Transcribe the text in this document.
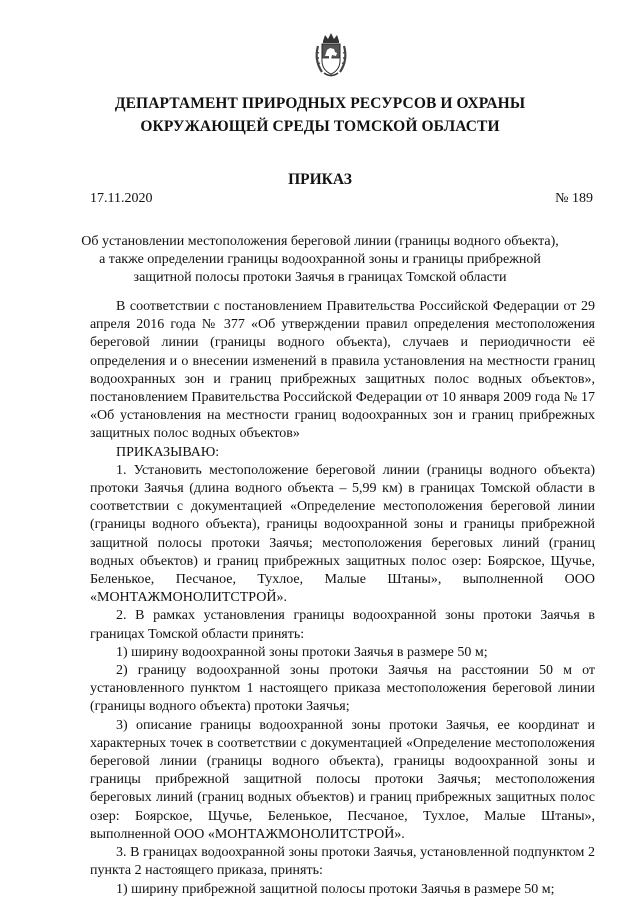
ДЕПАРТАМЕНТ ПРИРОДНЫХ РЕСУРСОВ И ОХРАНЫ
ОКРУЖАЮЩЕЙ СРЕДЫ ТОМСКОЙ ОБЛАСТИ
ПРИКАЗ
17.11.2020	№ 189
Об установлении местоположения береговой линии (границы водного объекта),
а также определении границы водоохранной зоны и границы прибрежной
защитной полосы протоки Заячья в границах Томской области

В соответствии с постановлением Правительства Российской Федерации от 29 апреля 2016 года № 377 «Об утверждении правил определения местоположения береговой линии (границы водного объекта), случаев и периодичности её определения и о внесении изменений в правила установления на местности границ водоохранных зон и границ прибрежных защитных полос водных объектов», постановлением Правительства Российской Федерации от 10 января 2009 года № 17 «Об установления на местности границ водоохранных зон и границ прибрежных защитных полос водных объектов»

ПРИКАЗЫВАЮ:

1. Установить местоположение береговой линии (границы водного объекта) протоки Заячья (длина водного объекта – 5,99 км) в границах Томской области в соответствии с документацией «Определение местоположения береговой линии (границы водного объекта), границы водоохранной зоны и границы прибрежной защитной полосы протоки Заячья; местоположения береговых линий (границ водных объектов) и границ прибрежных защитных полос озер: Боярское, Щучье, Беленькое, Песчаное, Тухлое, Малые Штаны», выполненной ООО «МОНТАЖМОНОЛИТСТРОЙ».

2. В рамках установления границы водоохранной зоны протоки Заячья в границах Томской области принять:

1) ширину водоохранной зоны протоки Заячья в размере 50 м;

2) границу водоохранной зоны протоки Заячья на расстоянии 50 м от установленного пунктом 1 настоящего приказа местоположения береговой линии (границы водного объекта) протоки Заячья;

3) описание границы водоохранной зоны протоки Заячья, ее координат и характерных точек в соответствии с документацией «Определение местоположения береговой линии (границы водного объекта), границы водоохранной зоны и границы прибрежной защитной полосы протоки Заячья; местоположения береговых линий (границ водных объектов) и границ прибрежных защитных полос озер: Боярское, Щучье, Беленькое, Песчаное, Тухлое, Малые Штаны», выполненной ООО «МОНТАЖМОНОЛИТСТРОЙ».

3. В границах водоохранной зоны протоки Заячья, установленной подпунктом 2 пункта 2 настоящего приказа, принять:

1) ширину прибрежной защитной полосы протоки Заячья в размере 50 м;
